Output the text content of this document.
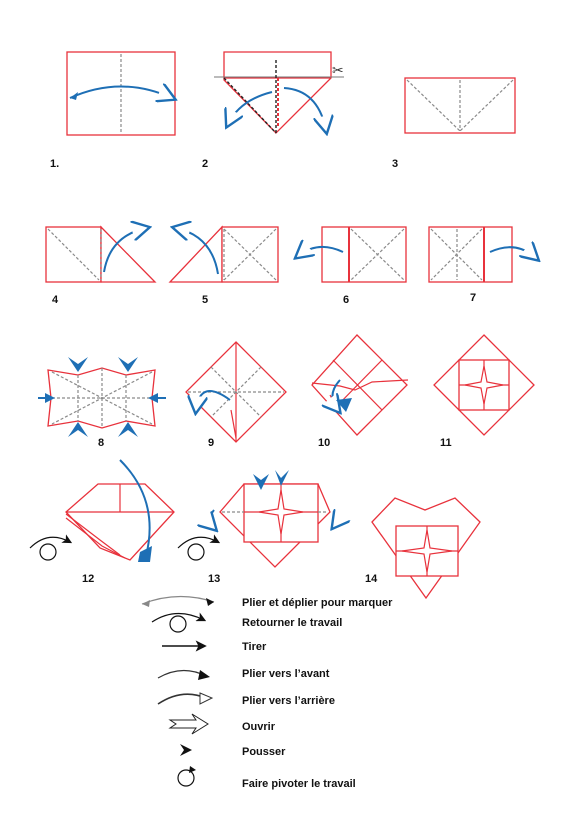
✂
1.	2	3
4	5	6	7
8	9	10	11
12	13	14
Plier et déplier pour marquer
Retourner le travail
Tirer
Plier vers l’avant
Plier vers l’arrière
Ouvrir
Pousser
Faire pivoter le travail
